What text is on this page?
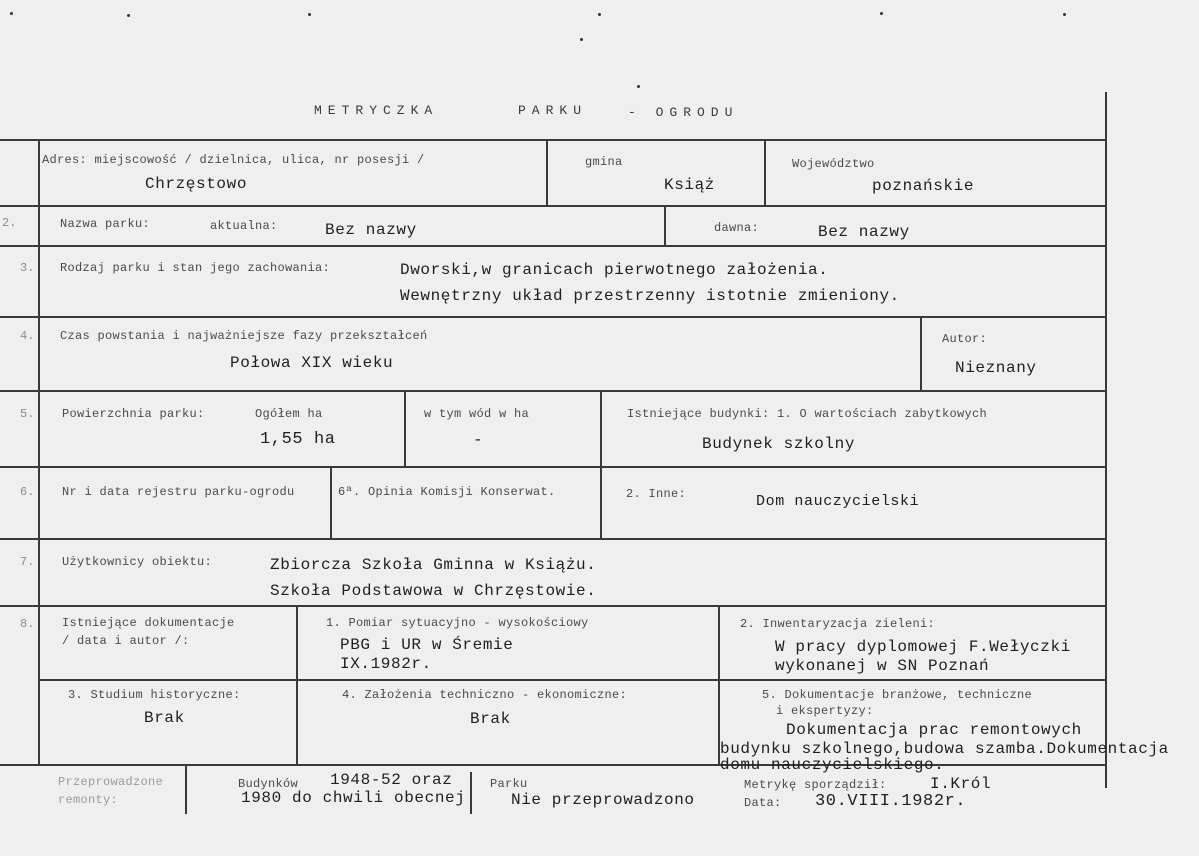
METRYCZKA	PARKU	- OGRODU
Adres: miejscowość / dzielnica, ulica, nr posesji /
Chrzęstowo
gmina
Książ
Województwo
poznańskie
2.	Nazwa parku:	aktualna:	Bez nazwy	dawna:	Bez nazwy
3. Rodzaj parku i stan jego zachowania:	Dworski,w granicach pierwotnego założenia.
Wewnętrzny układ przestrzenny istotnie zmieniony.
4. Czas powstania i najważniejsze fazy przekształceń
Połowa XIX wieku
Autor:
Nieznany
5. Powierzchnia parku:	Ogółem ha
1,55 ha
w tym wód w ha
-
Istniejące budynki: 1. O wartościach zabytkowych
Budynek szkolny
6. Nr i data rejestru parku-ogrodu	6ª. Opinia Komisji Konserwat.	2. Inne:	Dom nauczycielski
7. Użytkownicy obiektu:	Zbiorcza Szkoła Gminna w Książu.
Szkoła Podstawowa w Chrzęstowie.
8. Istniejące dokumentacje
/ data i autor /:
1. Pomiar sytuacyjno - wysokościowy
PBG i UR w Śremie
IX.1982r.
2. Inwentaryzacja zieleni:
W pracy dyplomowej F.Wełyczki
wykonanej w SN Poznań
3. Studium historyczne:
Brak
4. Założenia techniczno - ekonomiczne:
Brak
5. Dokumentacje branżowe, techniczne
i ekspertyzy:
Dokumentacja prac remontowych
budynku szkolnego,budowa szamba.Dokumentacja
domu nauczycielskiego.
Przeprowadzone
remonty:
Budynków 1948-52 oraz
1980 do chwili obecnej
Parku
Nie przeprowadzono
Metrykę sporządził:	I.Król
Data: 30.VIII.1982r.
